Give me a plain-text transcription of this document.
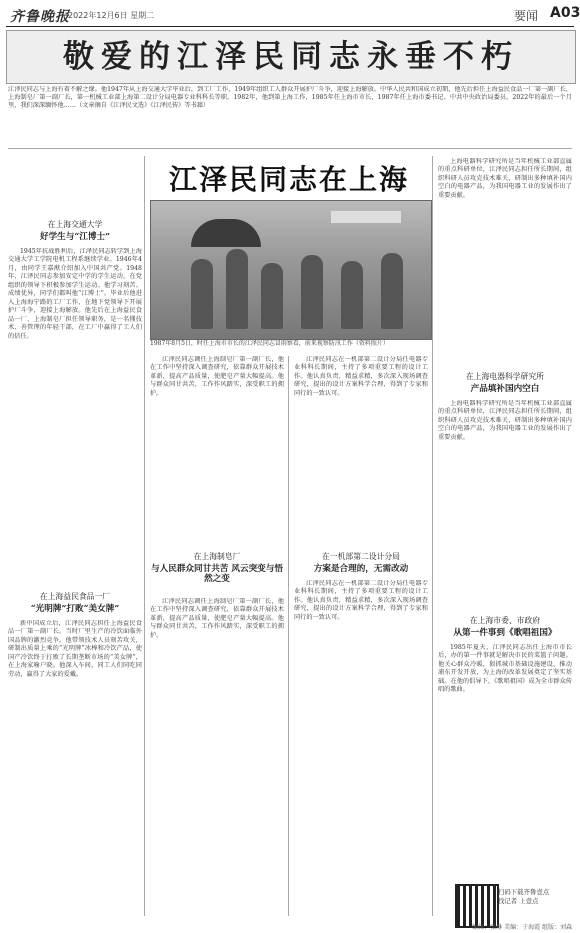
齐鲁晚报
2022年12月6日 星期二	要闻 A03
敬爱的江泽民同志永垂不朽
江泽民同志与上海有着不解之缘。他1947年从上海交通大学毕业后，到工厂工作，1949年组织工人群众开展护厂斗争，迎接上海解放。中华人民共和国成立初期，他先后担任上海益民食品一厂第一副厂长，上海制皂厂第一副厂长，第一机械工业部上海第二设计分局电器专业科科长等职。1982年，他到第上海工作，1985年任上海市市长，1987年任上海市委书记、中共中央政治局委员。2022年的最后一个月里，我们深深缅怀他……（文章摘自《江泽民文选》《江泽民传》等书籍）
江泽民同志在上海
1987年8月5日，时任上海市市长的江泽民同志冒雨察看，前来视察防汛工作（资料照片）
在上海交通大学
好学生与“江博士”
1945年抗战胜利后，江泽民同志转学到上海交通大学工学院电机工程系继续学业。1946年4月，由同学王嘉猷介绍加入中国共产党。1948年，江泽民同志参加安定中学的学生运动，在党组织的领导下积极参加学生运动。他学习刻苦、成绩优异，同学们都叫他“江博士”。毕业后他进入上海海宁路的工厂工作，在地下党领导下开展护厂斗争，迎接上海解放。他先后在上海益民食品一厂、上海制皂厂担任领导职务，是一名懂技术、善管理的年轻干部，在工厂中赢得了工人们的信任。
在上海益民食品一厂
“光明牌”打败“美女牌”
新中国成立后，江泽民同志担任上海益民食品一厂第一副厂长。当时厂里生产的冷饮面临外国品牌的激烈竞争。他带领技术人员刻苦攻关，研制出质量上乘的“光明牌”冰棒和冷饮产品，使国产冷饮终于打败了长期垄断市场的“美女牌”，在上海家喻户晓。他深入车间，同工人们同吃同劳动，赢得了大家的爱戴。
江泽民同志调任上海制皂厂第一副厂长，他在工作中坚持深入调查研究，依靠群众开展技术革新，提高产品质量，使肥皂产量大幅提高。他与群众同甘共苦，工作作风踏实，深受职工的拥护。
在上海制皂厂
与人民群众同甘共苦 风云突变与悟然之变
江泽民同志调任上海制皂厂第一副厂长，他在工作中坚持深入调查研究，依靠群众开展技术革新，提高产品质量，使肥皂产量大幅提高。他与群众同甘共苦，工作作风踏实，深受职工的拥护。
江泽民同志在一机部第二设计分局任电器专业科科长期间，主持了多项重要工程的设计工作。他认真负责，精益求精，多次深入现场调查研究，提出的设计方案科学合理，得到了专家和同行的一致认可。
在一机部第二设计分局
方案是合理的，无需改动
江泽民同志在一机部第二设计分局任电器专业科科长期间，主持了多项重要工程的设计工作。他认真负责，精益求精，多次深入现场调查研究，提出的设计方案科学合理，得到了专家和同行的一致认可。
上海电器科学研究所是当年机械工业部直属的重点科研单位，江泽民同志担任所长期间，组织科研人员攻克技术难关，研制出多种填补国内空白的电器产品，为我国电器工业的发展作出了重要贡献。
在上海电器科学研究所
产品填补国内空白
上海电器科学研究所是当年机械工业部直属的重点科研单位，江泽民同志担任所长期间，组织科研人员攻克技术难关，研制出多种填补国内空白的电器产品，为我国电器工业的发展作出了重要贡献。
在上海市委、市政府
从第一件事到《歌唱祖国》
1985年夏天，江泽民同志出任上海市市长后，办的第一件事就是解决市民的菜篮子问题。他关心群众冷暖，狠抓城市基础设施建设，推动浦东开发开放，为上海的改革发展奠定了坚实基础。在他的倡导下，《歌唱祖国》成为全市群众传唱的歌曲。
扫码下载齐鲁壹点
找记者 上壹点
编辑：张琳 美编：于海霞 组版：刘森
